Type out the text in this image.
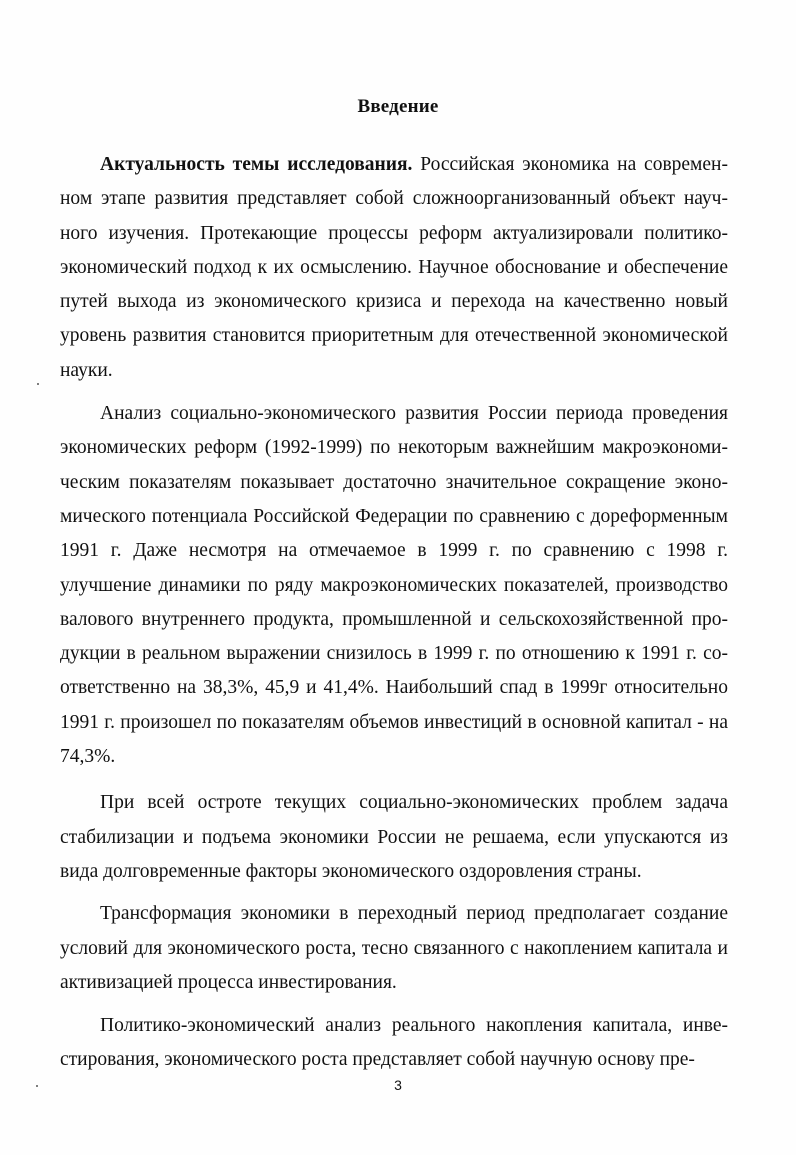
Введение

Актуальность темы исследования. Российская экономика на совремeнном этапе развития представляет собой сложноорганизованный объект научного изучения. Протекающие процессы реформ актуализировали политико-экономический подход к их осмыслению. Научное обоснование и обеспечение путей выхода из экономического кризиса и перехода на качественно новый уровень развития становится приоритетным для отечественной экономической науки.

Анализ социально-экономического развития России периода проведения экономических реформ (1992-1999) по некоторым важнейшим макроэкономическим показателям показывает достаточно значительное сокращение экономического потенциала Российской Федерации по сравнению с дореформенным 1991 г. Даже несмотря на отмечаемое в 1999 г. по сравнению с 1998 г. улучшение динамики по ряду макроэкономических показателей, производство валового внутреннего продукта, промышленной и сельскохозяйственной продукции в реальном выражении снизилось в 1999 г. по отношению к 1991 г. соответственно на 38,3%, 45,9 и 41,4%. Наибольший спад в 1999г относительно 1991 г. произошел по показателям объемов инвестиций в основной капитал - на 74,3%.

При всей остроте текущих социально-экономических проблем задача стабилизации и подъема экономики России не решаема, если упускаются из вида долговременные факторы экономического оздоровления страны.

Трансформация экономики в переходный период предполагает создание условий для экономического роста, тесно связанного с накоплением капитала и активизацией процесса инвестирования.

Политико-экономический анализ реального накопления капитала, инвестирования, экономического роста представляет собой научную основу пре-

3
